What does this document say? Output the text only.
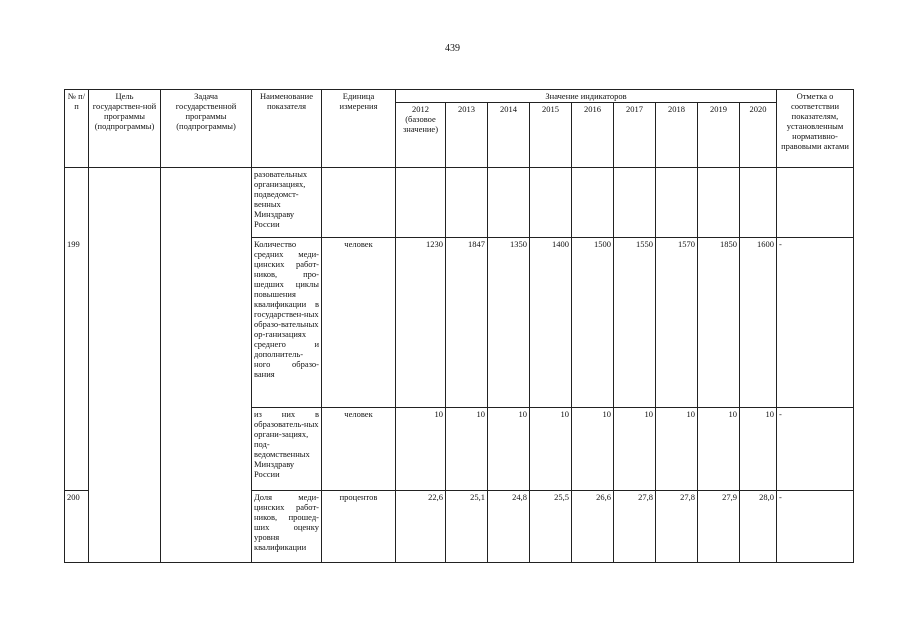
439
№ п/п	Цель государствен-ной программы (подпрограммы)	Задача государственной программы (подпрограммы)	Наименование показателя	Единица измерения	Значение индикаторов									Отметка о соответствии показателям, установленным нормативно-правовыми актами
					2012 (базовое значение)	2013	2014	2015	2016	2017	2018	2019	2020	
			разовательных организациях, подведомст-венных Минздраву России											
199			Количество средних меди-цинских работ-ников, про-шедших циклы повышения квалификации в государствен-ных образо-вательных ор-ганизациях среднего и дополнитель-ного образо-вания	человек	1230	1847	1350	1400	1500	1550	1570	1850	1600	-
			из них в образователь-ных органи-зациях, под-ведомственных Минздраву России	человек	10	10	10	10	10	10	10	10	10	-
200			Доля меди-цинских работ-ников, прошед-ших оценку уровня квалификации	процентов	22,6	25,1	24,8	25,5	26,6	27,8	27,8	27,9	28,0	-
